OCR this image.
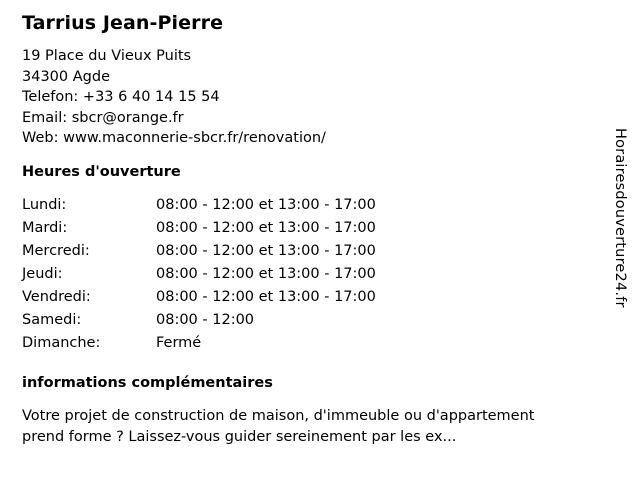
Tarrius Jean-Pierre
19 Place du Vieux Puits
34300 Agde
Telefon: +33 6 40 14 15 54
Email: sbcr@orange.fr
Web: www.maconnerie-sbcr.fr/renovation/
Heures d'ouverture
Lundi:	08:00 - 12:00 et 13:00 - 17:00
Mardi:	08:00 - 12:00 et 13:00 - 17:00
Mercredi:	08:00 - 12:00 et 13:00 - 17:00
Jeudi:	08:00 - 12:00 et 13:00 - 17:00
Vendredi:	08:00 - 12:00 et 13:00 - 17:00
Samedi:	08:00 - 12:00
Dimanche:	Fermé
informations complémentaires
Votre projet de construction de maison, d'immeuble ou d'appartement prend forme ? Laissez-vous guider sereinement par les ex...
Horairesdouverture24.fr
